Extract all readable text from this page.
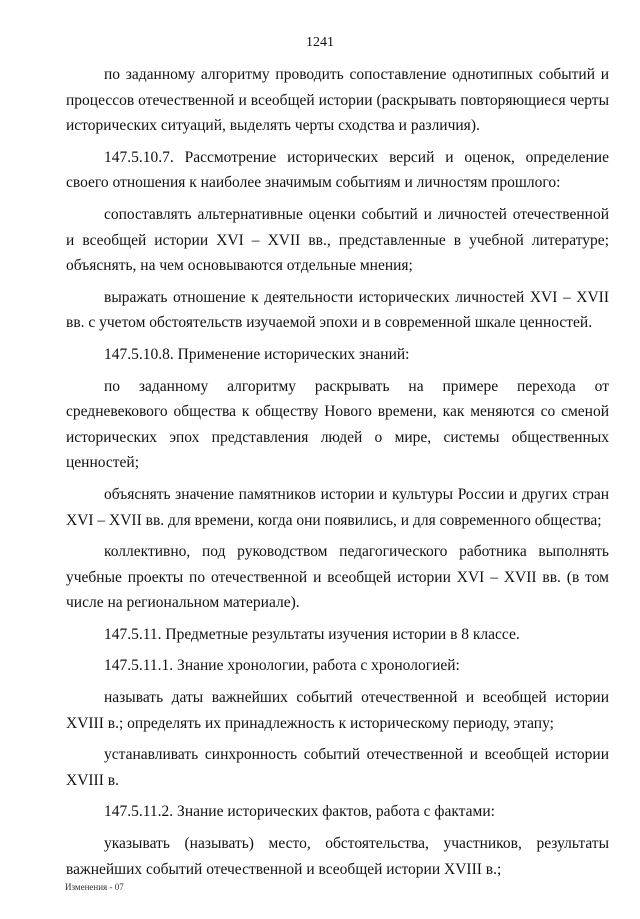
1241

по заданному алгоритму проводить сопоставление однотипных событий и процессов отечественной и всеобщей истории (раскрывать повторяющиеся черты исторических ситуаций, выделять черты сходства и различия).

147.5.10.7. Рассмотрение исторических версий и оценок, определение своего отношения к наиболее значимым событиям и личностям прошлого:

сопоставлять альтернативные оценки событий и личностей отечественной и всеобщей истории XVI – XVII вв., представленные в учебной литературе; объяснять, на чем основываются отдельные мнения;

выражать отношение к деятельности исторических личностей XVI – XVII вв. с учетом обстоятельств изучаемой эпохи и в современной шкале ценностей.

147.5.10.8. Применение исторических знаний:

по заданному алгоритму раскрывать на примере перехода от средневекового общества к обществу Нового времени, как меняются со сменой исторических эпох представления людей о мире, системы общественных ценностей;

объяснять значение памятников истории и культуры России и других стран XVI – XVII вв. для времени, когда они появились, и для современного общества;

коллективно, под руководством педагогического работника выполнять учебные проекты по отечественной и всеобщей истории XVI – XVII вв. (в том числе на региональном материале).

147.5.11. Предметные результаты изучения истории в 8 классе.

147.5.11.1. Знание хронологии, работа с хронологией:

называть даты важнейших событий отечественной и всеобщей истории XVIII в.; определять их принадлежность к историческому периоду, этапу;

устанавливать синхронность событий отечественной и всеобщей истории XVIII в.

147.5.11.2. Знание исторических фактов, работа с фактами:

указывать (называть) место, обстоятельства, участников, результаты важнейших событий отечественной и всеобщей истории XVIII в.;

Изменения - 07
